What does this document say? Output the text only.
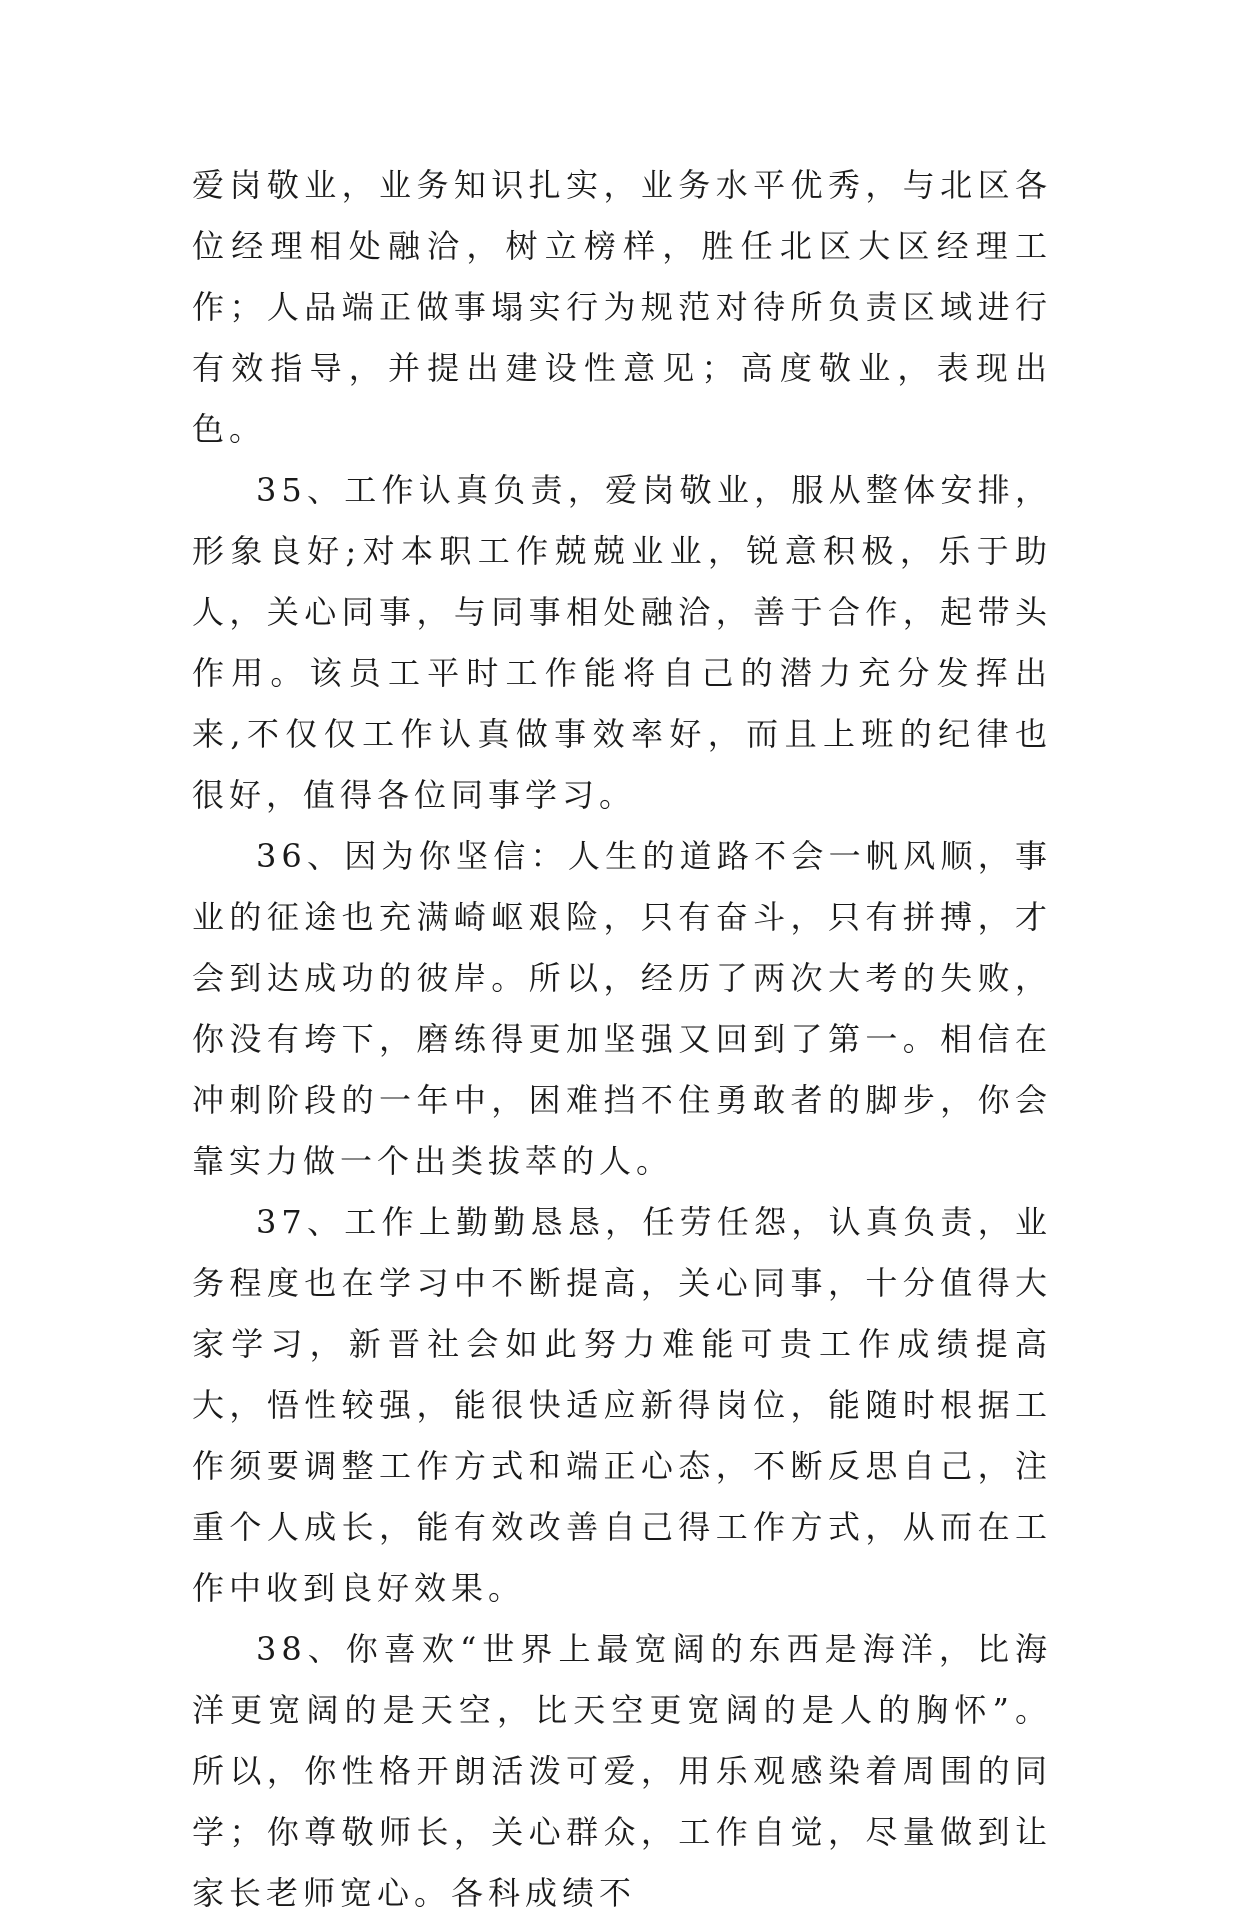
爱岗敬业，业务知识扎实，业务水平优秀，与北区各位经理相处融洽，树立榜样，胜任北区大区经理工作；人品端正做事塌实行为规范对待所负责区域进行有效指导，并提出建设性意见；高度敬业，表现出色。

35、工作认真负责，爱岗敬业，服从整体安排，形象良好;对本职工作兢兢业业，锐意积极，乐于助人，关心同事，与同事相处融洽，善于合作，起带头作用。该员工平时工作能将自己的潜力充分发挥出来,不仅仅工作认真做事效率好，而且上班的纪律也很好，值得各位同事学习。

36、因为你坚信：人生的道路不会一帆风顺，事业的征途也充满崎岖艰险，只有奋斗，只有拼搏，才会到达成功的彼岸。所以，经历了两次大考的失败，你没有垮下，磨练得更加坚强又回到了第一。相信在冲刺阶段的一年中，困难挡不住勇敢者的脚步，你会靠实力做一个出类拔萃的人。

37、工作上勤勤恳恳，任劳任怨，认真负责，业务程度也在学习中不断提高，关心同事，十分值得大家学习，新晋社会如此努力难能可贵工作成绩提高大，悟性较强，能很快适应新得岗位，能随时根据工作须要调整工作方式和端正心态，不断反思自己，注重个人成长，能有效改善自己得工作方式，从而在工作中收到良好效果。

38、你喜欢“世界上最宽阔的东西是海洋，比海洋更宽阔的是天空，比天空更宽阔的是人的胸怀”。所以，你性格开朗活泼可爱，用乐观感染着周围的同学；你尊敬师长，关心群众，工作自觉，尽量做到让家长老师宽心。各科成绩不
